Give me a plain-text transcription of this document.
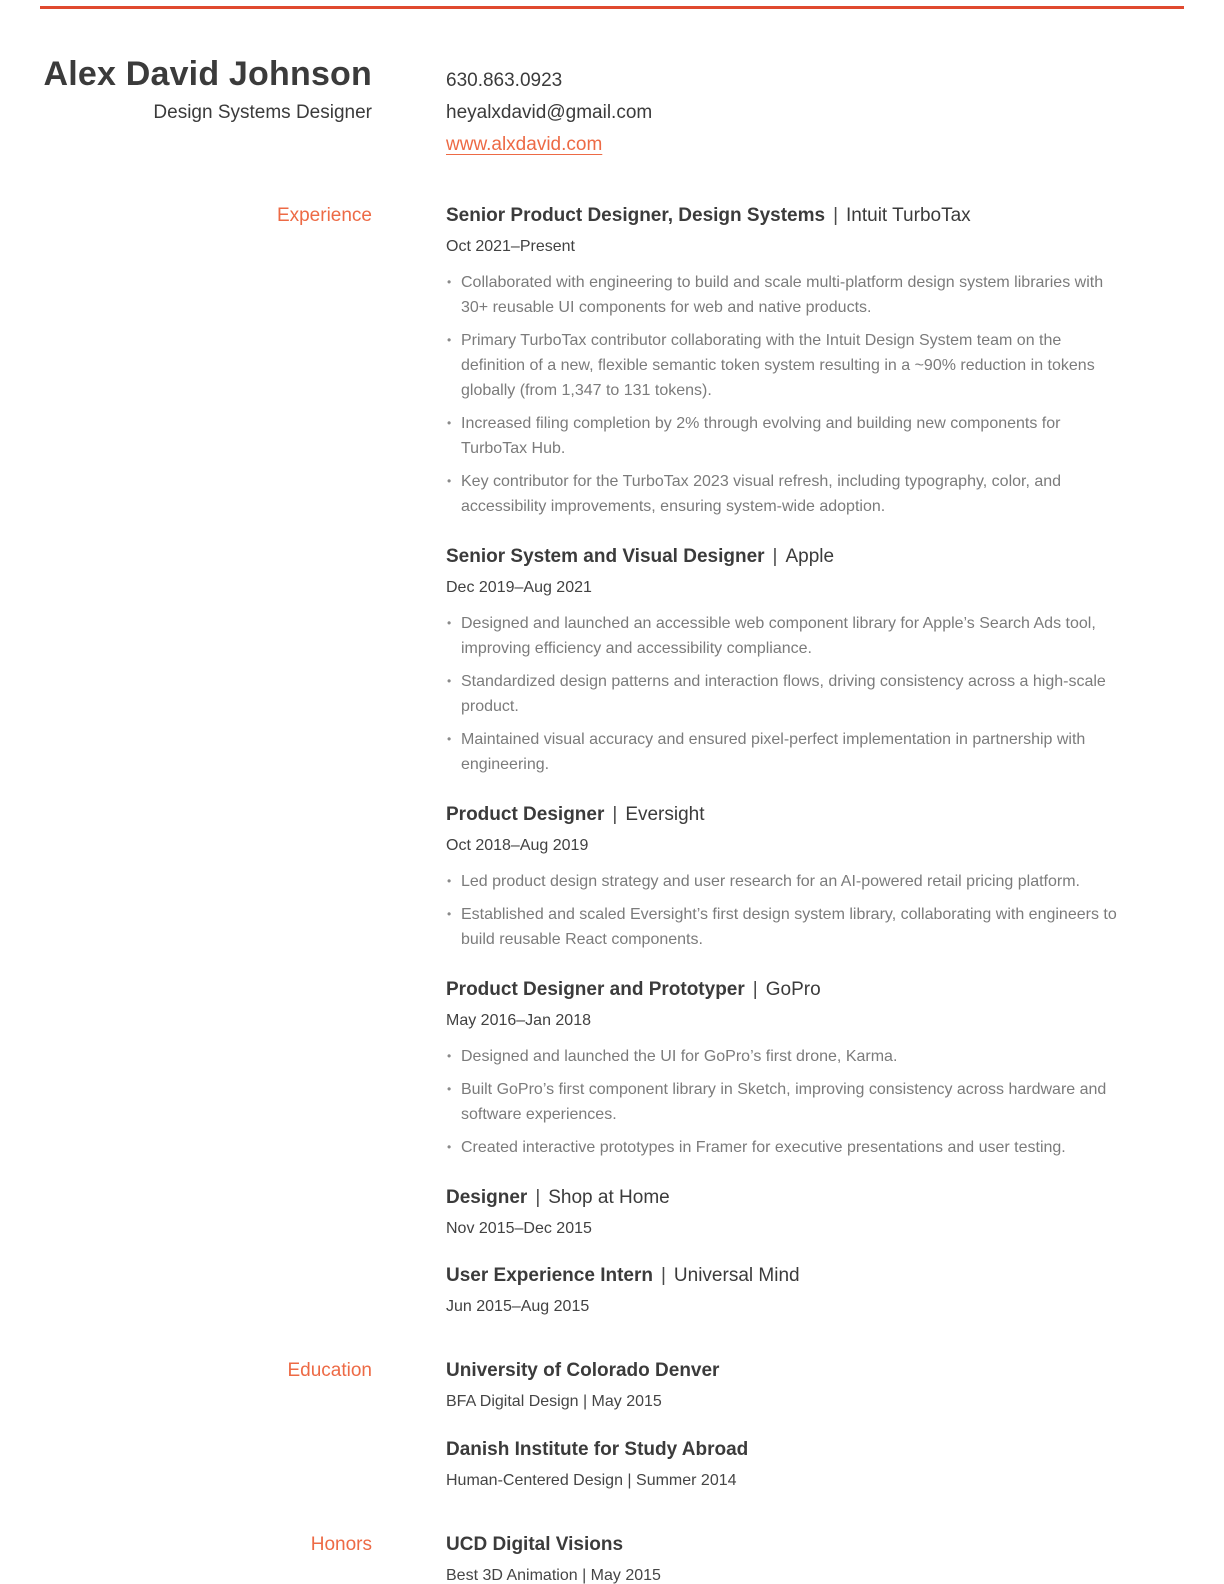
Alex David Johnson
Design Systems Designer
630.863.0923
heyalxdavid@gmail.com
www.alxdavid.com
Experience	Senior Product Designer, Design Systems | Intuit TurboTax
Oct 2021–Present
• Collaborated with engineering to build and scale multi-platform design system libraries with 30+ reusable UI components for web and native products.
• Primary TurboTax contributor collaborating with the Intuit Design System team on the definition of a new, flexible semantic token system resulting in a ~90% reduction in tokens globally (from 1,347 to 131 tokens).
• Increased filing completion by 2% through evolving and building new components for TurboTax Hub.
• Key contributor for the TurboTax 2023 visual refresh, including typography, color, and accessibility improvements, ensuring system-wide adoption.
Senior System and Visual Designer | Apple
Dec 2019–Aug 2021
• Designed and launched an accessible web component library for Apple’s Search Ads tool, improving efficiency and accessibility compliance.
• Standardized design patterns and interaction flows, driving consistency across a high-scale product.
• Maintained visual accuracy and ensured pixel-perfect implementation in partnership with engineering.
Product Designer | Eversight
Oct 2018–Aug 2019
• Led product design strategy and user research for an AI-powered retail pricing platform.
• Established and scaled Eversight’s first design system library, collaborating with engineers to build reusable React components.
Product Designer and Prototyper | GoPro
May 2016–Jan 2018
• Designed and launched the UI for GoPro’s first drone, Karma.
• Built GoPro’s first component library in Sketch, improving consistency across hardware and software experiences.
• Created interactive prototypes in Framer for executive presentations and user testing.
Designer | Shop at Home
Nov 2015–Dec 2015
User Experience Intern | Universal Mind
Jun 2015–Aug 2015
Education	University of Colorado Denver
BFA Digital Design | May 2015
Danish Institute for Study Abroad
Human-Centered Design | Summer 2014
Honors	UCD Digital Visions
Best 3D Animation | May 2015
